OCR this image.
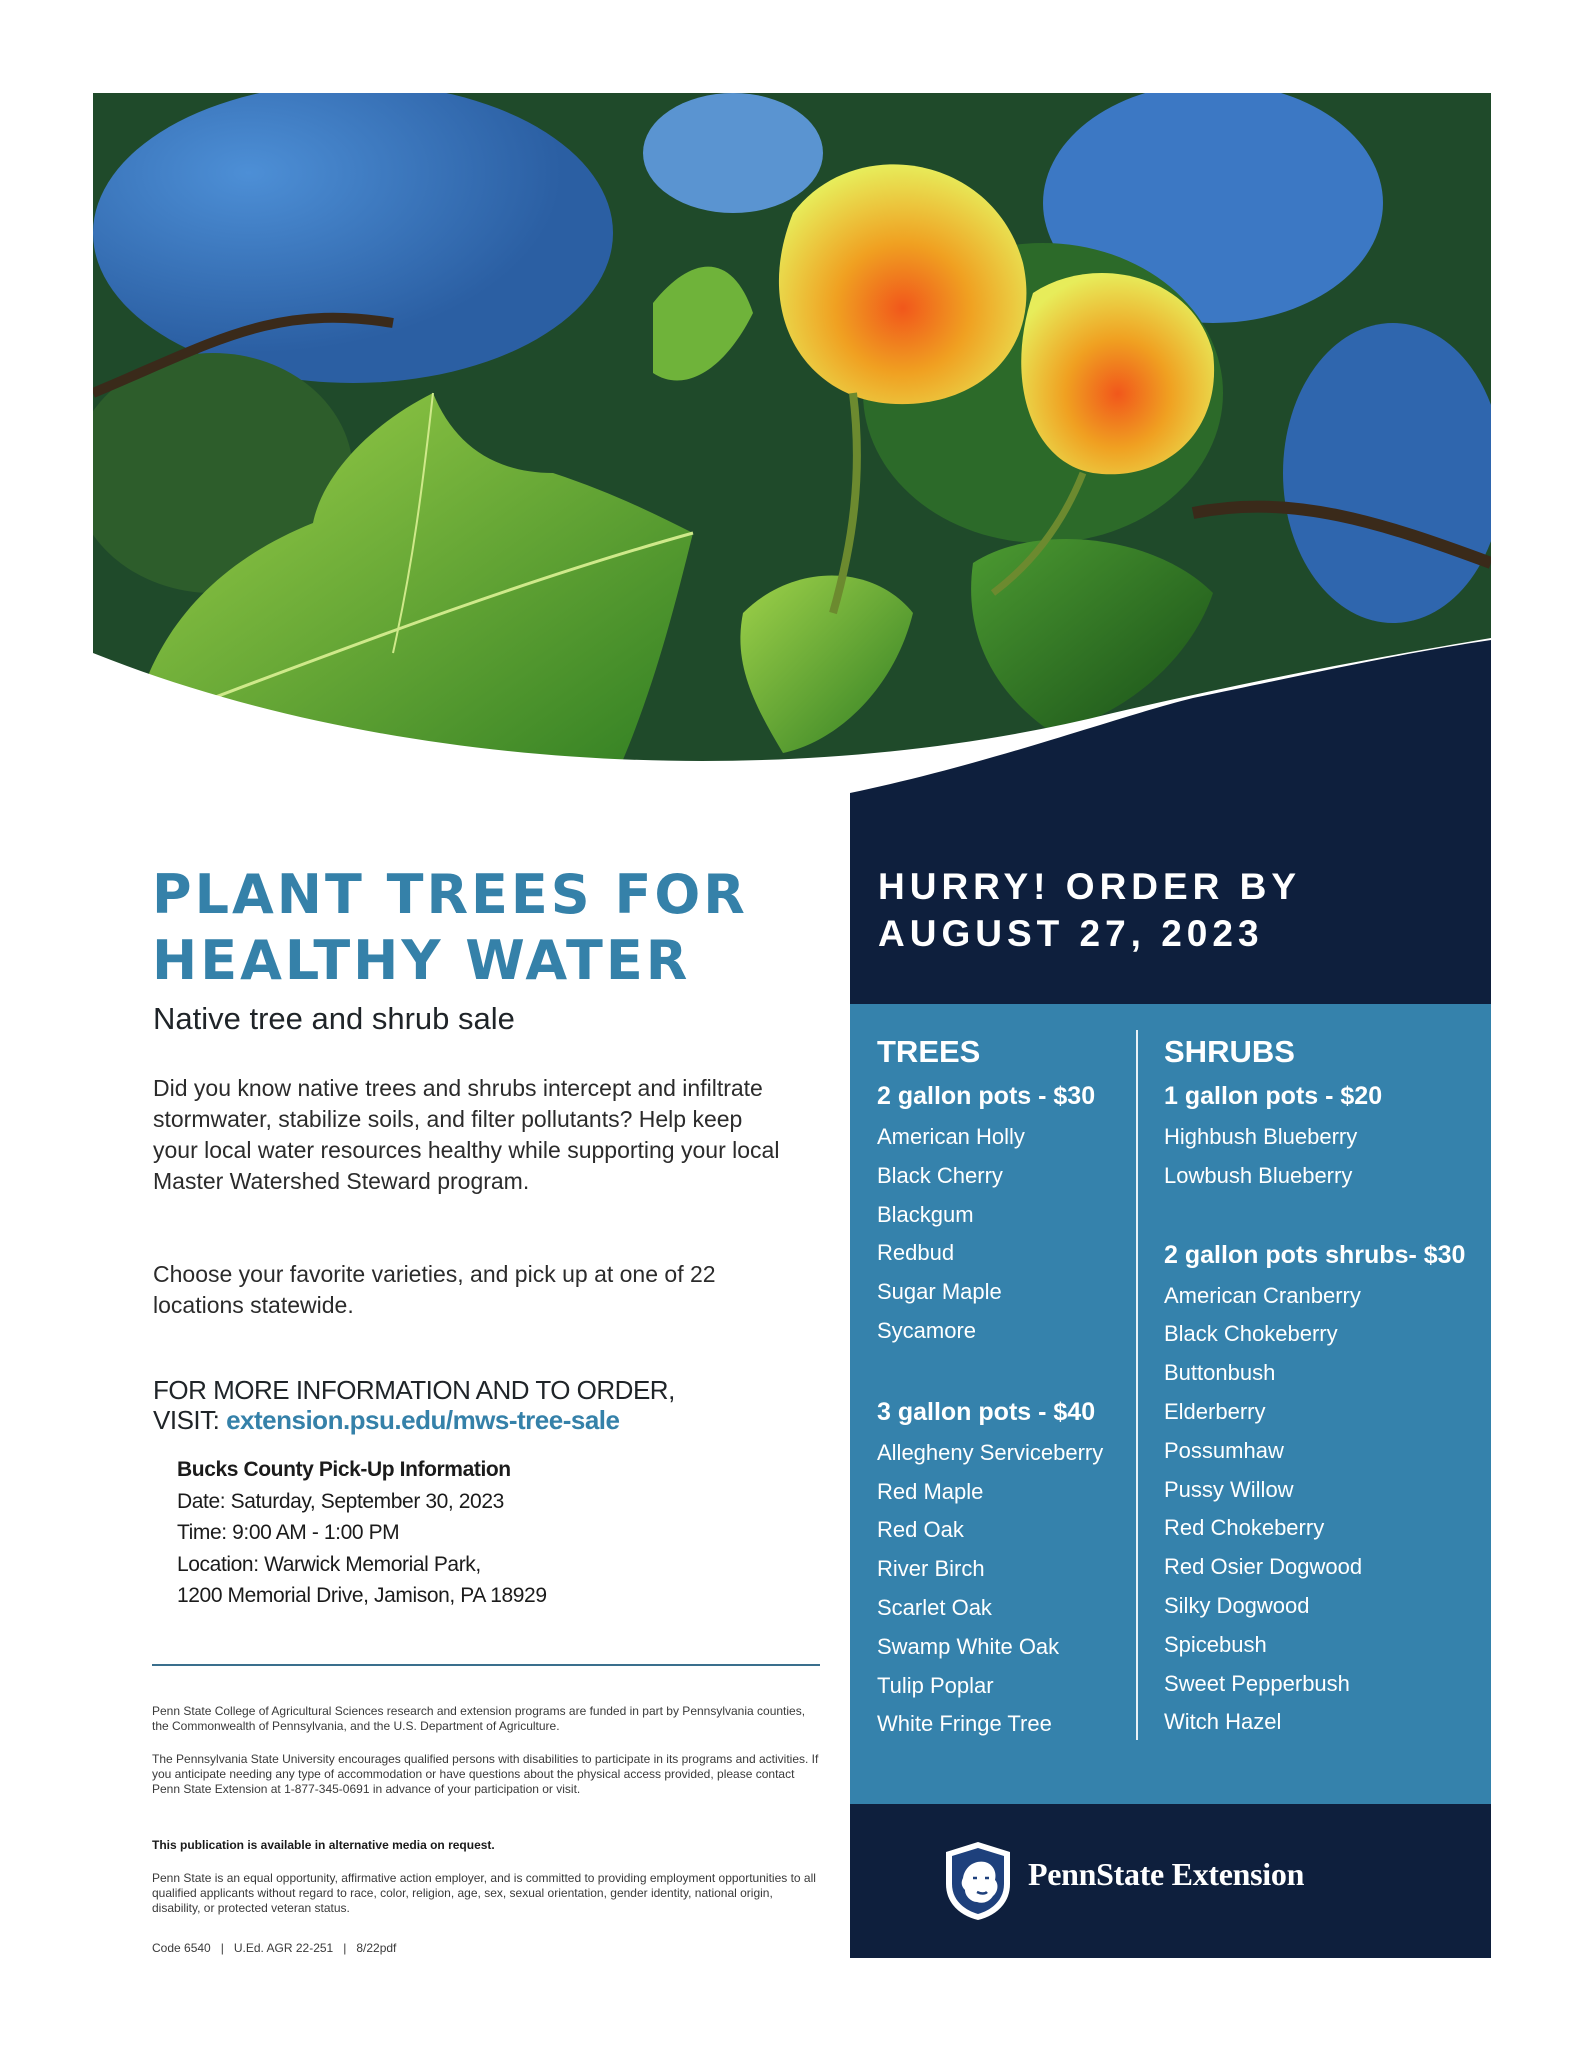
HURRY! ORDER BY
AUGUST 27, 2023
TREES
2 gallon pots - $30
American Holly
Black Cherry
Blackgum
Redbud
Sugar Maple
Sycamore
3 gallon pots - $40
Allegheny Serviceberry
Red Maple
Red Oak
River Birch
Scarlet Oak
Swamp White Oak
Tulip Poplar
White Fringe Tree
SHRUBS
1 gallon pots - $20
Highbush Blueberry
Lowbush Blueberry
2 gallon pots shrubs- $30
American Cranberry
Black Chokeberry
Buttonbush
Elderberry
Possumhaw
Pussy Willow
Red Chokeberry
Red Osier Dogwood
Silky Dogwood
Spicebush
Sweet Pepperbush
Witch Hazel

PennState Extension

PLANT TREES FOR
HEALTHY WATER

Native tree and shrub sale

Did you know native trees and shrubs intercept and infiltrate stormwater, stabilize soils, and filter pollutants? Help keep your local water resources healthy while supporting your local Master Watershed Steward program.

Choose your favorite varieties, and pick up at one of 22 locations statewide.

FOR MORE INFORMATION AND TO ORDER,
VISIT: extension.psu.edu/mws-tree-sale

Bucks County Pick-Up Information
Date: Saturday, September 30, 2023
Time: 9:00 AM - 1:00 PM
Location: Warwick Memorial Park,
1200 Memorial Drive, Jamison, PA 18929

Penn State College of Agricultural Sciences research and extension programs are funded in part by Pennsylvania counties, the Commonwealth of Pennsylvania, and the U.S. Department of Agriculture.

The Pennsylvania State University encourages qualified persons with disabilities to participate in its programs and activities. If you anticipate needing any type of accommodation or have questions about the physical access provided, please contact Penn State Extension at 1-877-345-0691 in advance of your participation or visit.

This publication is available in alternative media on request.

Penn State is an equal opportunity, affirmative action employer, and is committed to providing employment opportunities to all qualified applicants without regard to race, color, religion, age, sex, sexual orientation, gender identity, national origin, disability, or protected veteran status.

Code 6540   |   U.Ed. AGR 22-251   |   8/22pdf
